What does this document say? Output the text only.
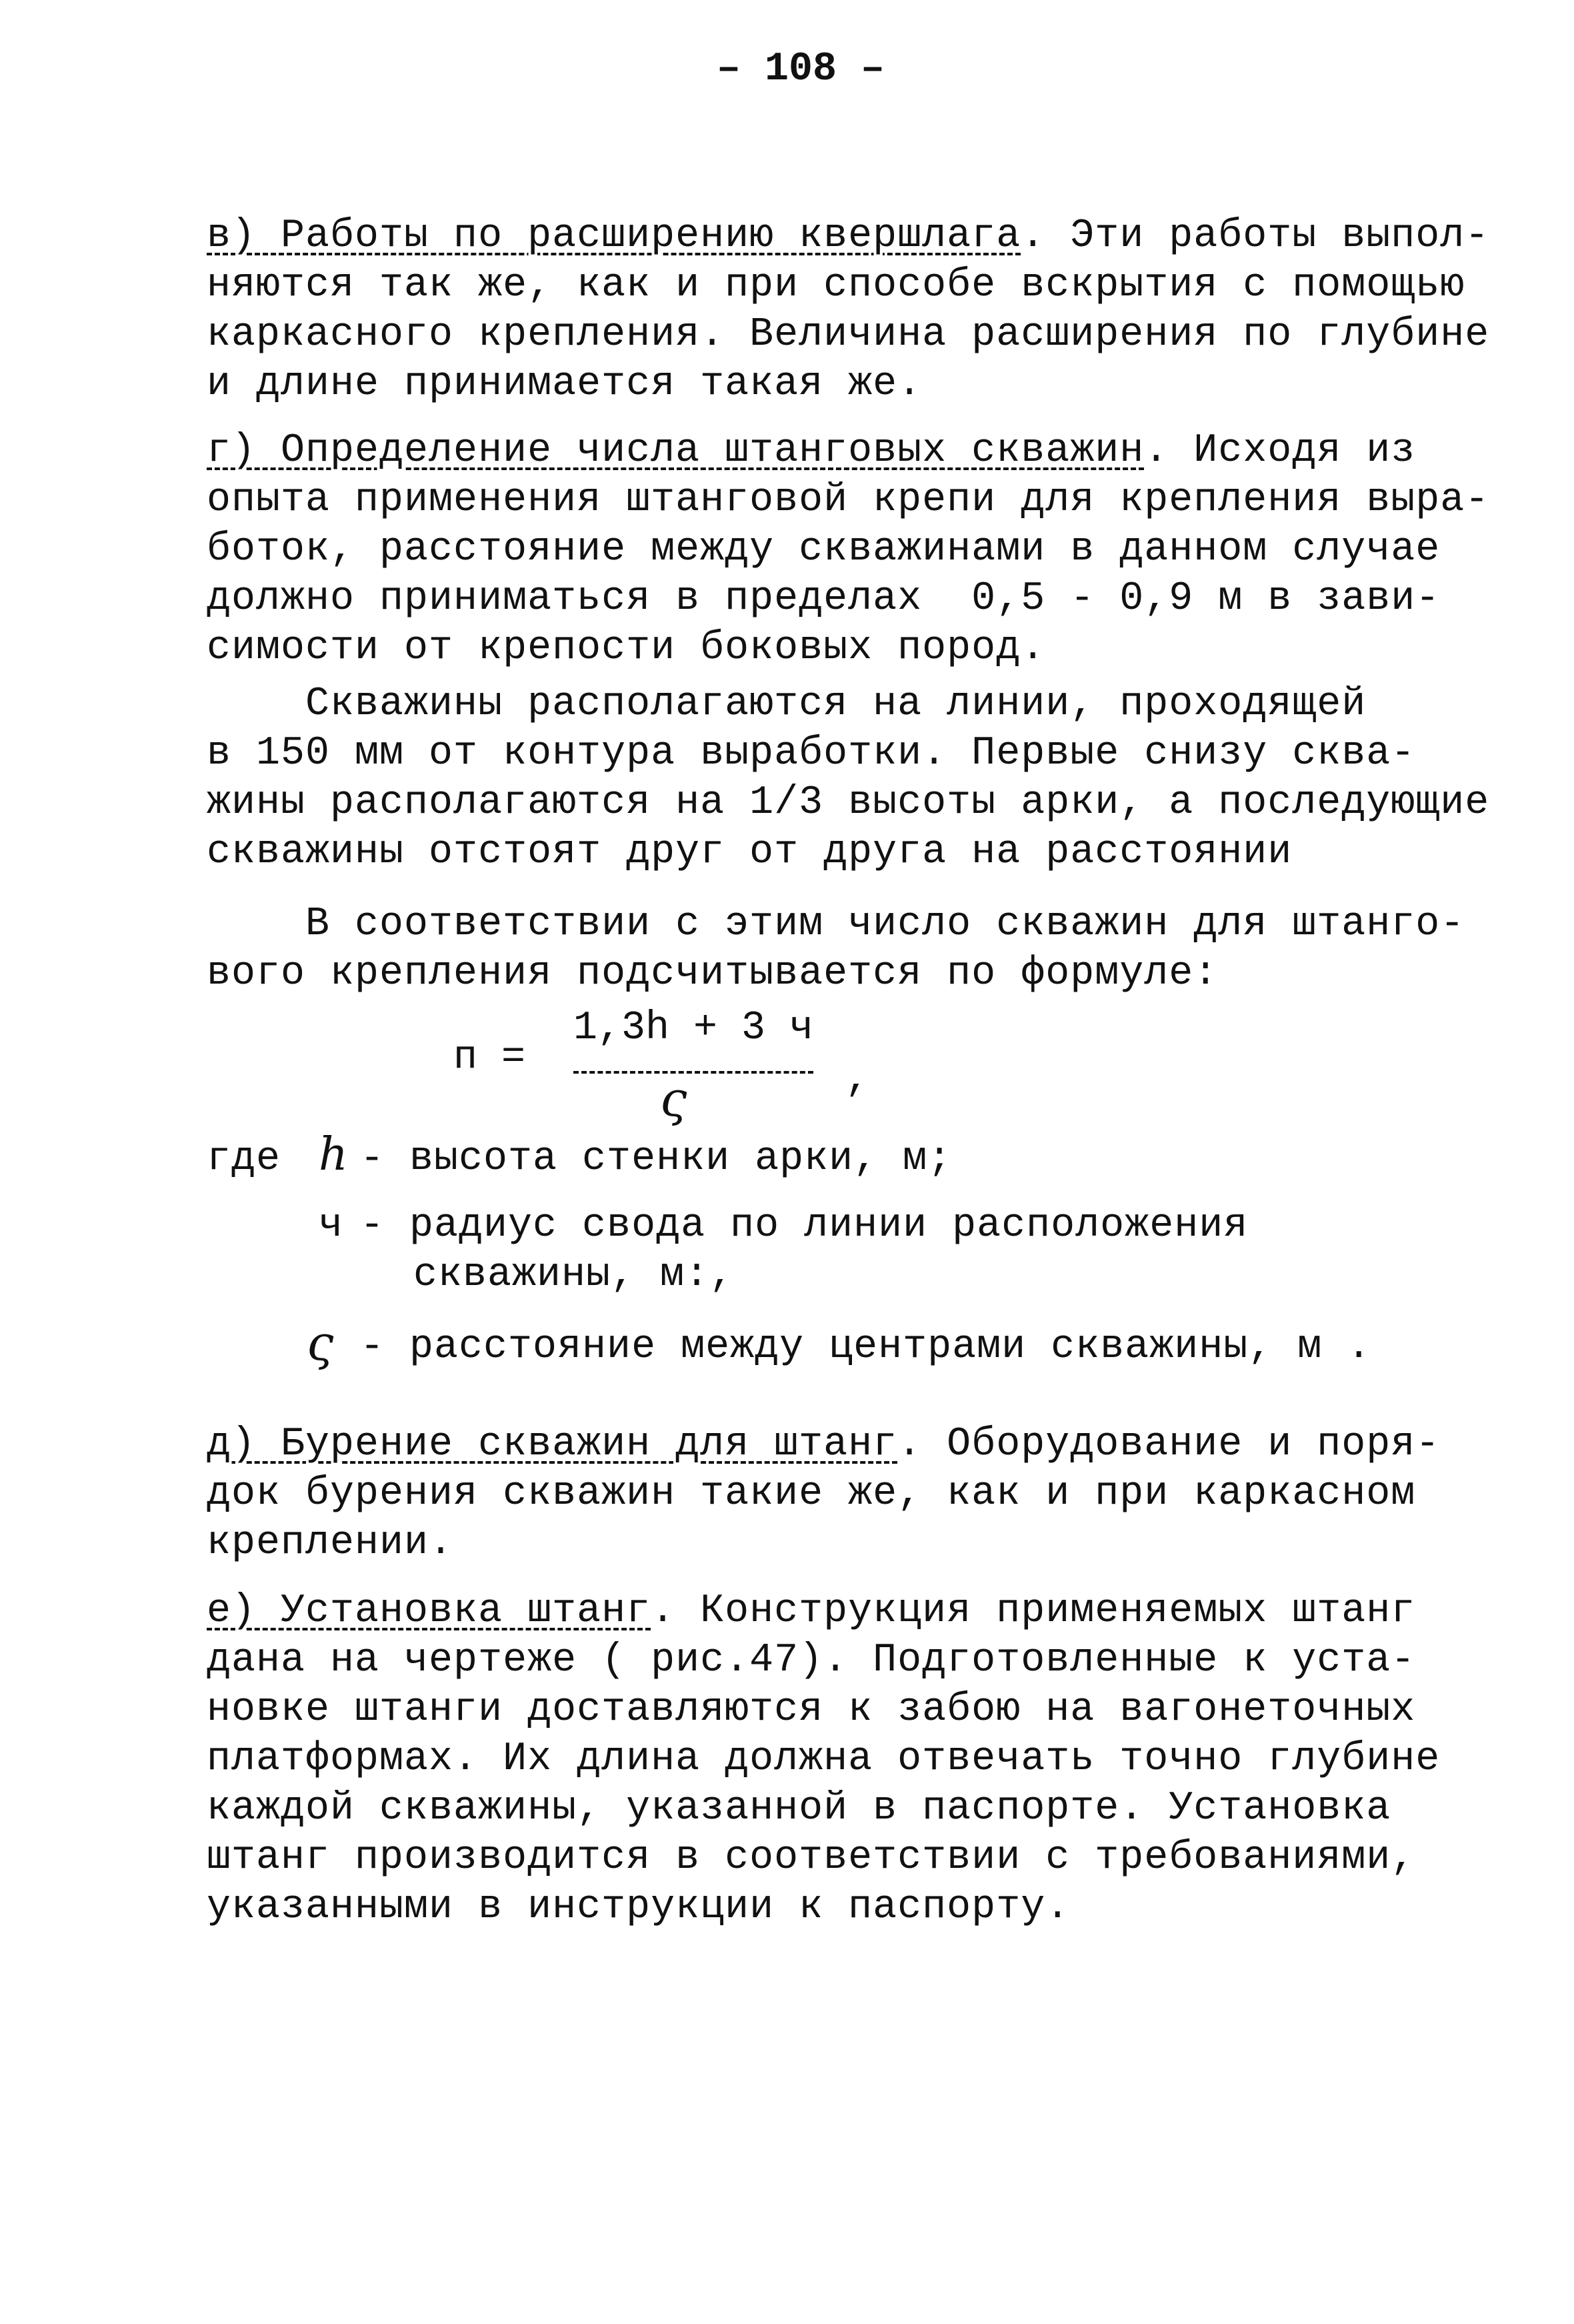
– 108 –
в) Работы по расширению квершлага. Эти работы выпол-
няются так же, как и при способе вскрытия с помощью
каркасного крепления. Величина расширения по глубине
и длине принимается такая же.
г) Определение числа штанговых скважин. Исходя из
опыта применения штанговой крепи для крепления выра-
боток, расстояние между скважинами в данном случае
должно приниматься в пределах  0,5 - 0,9 м в зави-
симости от крепости боковых пород.
Скважины располагаются на линии, проходящей
в 150 мм от контура выработки. Первые снизу сква-
жины располагаются на 1/3 высоты арки, а последующие
скважины отстоят друг от друга на расстоянии
В соответствии с этим число скважин для штанго-
вого крепления подсчитывается по формуле:
п =
1,3h + 3 ч
ς	,
где h - высота стенки арки, м;
ч - радиус свода по линии расположения
скважины, м:,
ς - расстояние между центрами скважины, м .
д) Бурение скважин для штанг. Оборудование и поря-
док бурения скважин такие же, как и при каркасном
креплении.
е) Установка штанг. Конструкция применяемых штанг
дана на чертеже ( рис.47). Подготовленные к уста-
новке штанги доставляются к забою на вагонеточных
платформах. Их длина должна отвечать точно глубине
каждой скважины, указанной в паспорте. Установка
штанг производится в соответствии с требованиями,
указанными в инструкции к паспорту.
